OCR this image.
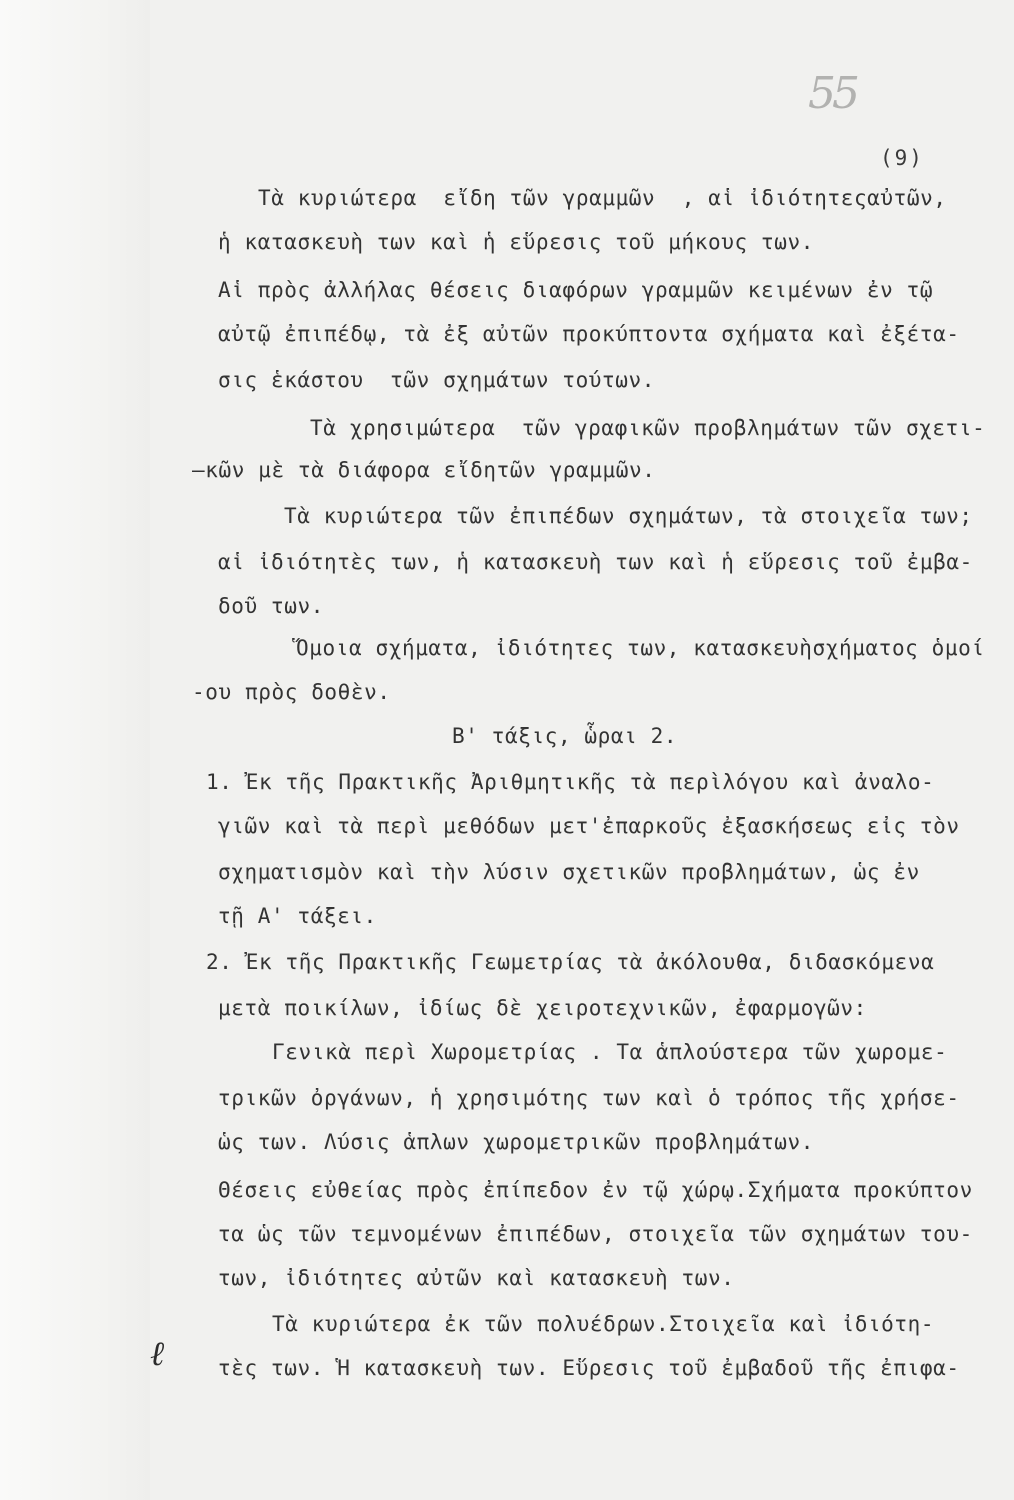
55
(9)
Τὰ κυριώτερα  εἴδη τῶν γραμμῶν  , αἱ ἰδιότητεςαὐτῶν,
ἡ κατασκευὴ των καὶ ἡ εὕρεσις τοῦ μήκους των.
Αἱ πρὸς ἀλλήλας θέσεις διαφόρων γραμμῶν κειμένων ἐν τῷ
αὐτῷ ἐπιπέδῳ, τὰ ἐξ αὐτῶν προκύπτοντα σχήματα καὶ ἐξέτα-
σις ἑκάστου  τῶν σχημάτων τούτων.
Τὰ χρησιμώτερα  τῶν γραφικῶν προβλημάτων τῶν σχετι-
—κῶν μὲ τὰ διάφορα εἴδητῶν γραμμῶν.
Τὰ κυριώτερα τῶν ἐπιπέδων σχημάτων, τὰ στοιχεῖα των;
αἱ ἰδιότητὲς των, ἡ κατασκευὴ των καὶ ἡ εὕρεσις τοῦ ἐμβα-
δοῦ των.
Ὅμοια σχήματα, ἰδιότητες των, κατασκευὴσχήματος ὁμοί
-ου πρὸς δοθὲν.
Β' τάξις, ὧραι 2.
1. Ἐκ τῆς Πρακτικῆς Ἀριθμητικῆς τὰ περὶλόγου καὶ ἀναλο-
γιῶν καὶ τὰ περὶ μεθόδων μετ'ἐπαρκοῦς ἐξασκήσεως εἰς τὸν
σχηματισμὸν καὶ τὴν λύσιν σχετικῶν προβλημάτων, ὡς ἐν
τῇ Α' τάξει.
2. Ἐκ τῆς Πρακτικῆς Γεωμετρίας τὰ ἀκόλουθα, διδασκόμενα
μετὰ ποικίλων, ἰδίως δὲ χειροτεχνικῶν, ἐφαρμογῶν:
Γενικὰ περὶ Χωρομετρίας . Τα ἁπλούστερα τῶν χωρομε-
τρικῶν ὀργάνων, ἡ χρησιμότης των καὶ ὁ τρόπος τῆς χρήσε-
ὡς των. Λύσις ἁπλων χωρομετρικῶν προβλημάτων.
Θέσεις εὐθείας πρὸς ἐπίπεδον ἐν τῷ χώρῳ.Σχήματα προκύπτον
τα ὡς τῶν τεμνομένων ἐπιπέδων, στοιχεῖα τῶν σχημάτων του-
των, ἰδιότητες αὐτῶν καὶ κατασκευὴ των.
Τὰ κυριώτερα ἐκ τῶν πολυέδρων.Στοιχεῖα καὶ ἰδιότη-
τὲς των. Ἡ κατασκευὴ των. Εὕρεσις τοῦ ἐμβαδοῦ τῆς ἐπιφα-
ℓ
